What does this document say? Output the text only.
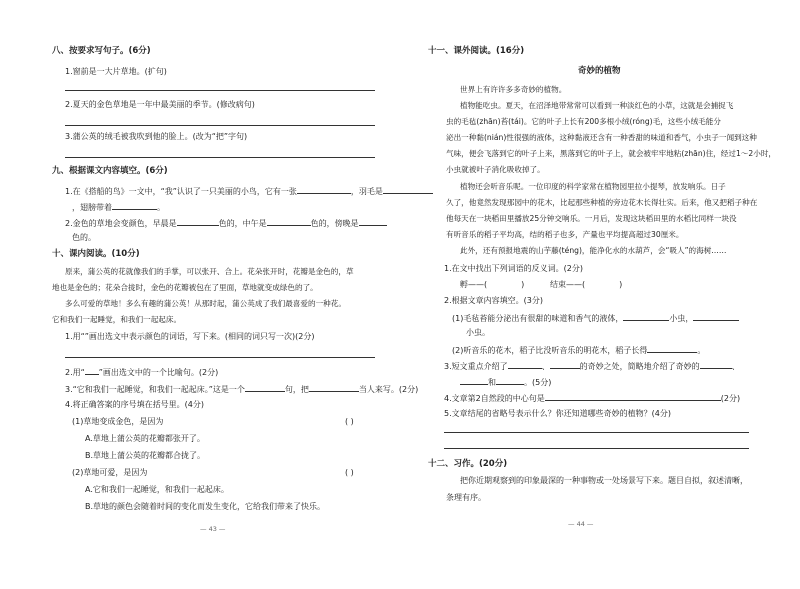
八、按要求写句子。(6分)
1.窗前是一大片草地。(扩句)
2.夏天的金色草地是一年中最美丽的季节。(修改病句)
3.蒲公英的绒毛被我吹到他的脸上。(改为“把”字句)
九、根据课文内容填空。(6分)
1.在《搭船的鸟》一文中，“我”认识了一只美丽的小鸟，它有一张	，羽毛是
，翅膀带着	。
2.金色的草地会变颜色，早晨是	色的，中午是	色的，傍晚是
色的。
十、课内阅读。(10分)
原来，蒲公英的花就像我们的手掌，可以张开、合上。花朵张开时，花瓣是金色的，草
地也是金色的；花朵合拢时，金色的花瓣被包在了里面，草地就变成绿色的了。
多么可爱的草地！多么有趣的蒲公英！从那时起，蒲公英成了我们最喜爱的一种花。
它和我们一起睡觉，和我们一起起床。
1.用“”画出选文中表示颜色的词语，写下来。(相同的词只写一次)(2分)
2.用“ ”画出选文中的一个比喻句。(2分)
3.“它和我们一起睡觉，和我们一起起床。”这是一个	句，把	当人来写。(2分)
4.将正确答案的序号填在括号里。(4分)
(1)草地变成金色，是因为	( )
A.草地上蒲公英的花瓣都张开了。
B.草地上蒲公英的花瓣都合拢了。
(2)草地可爱，是因为	( )
A.它和我们一起睡觉，和我们一起起床。
B.草地的颜色会随着时间的变化而发生变化，它给我们带来了快乐。
— 43 —
十一、课外阅读。(16分)
奇妙的植物
世界上有许许多多奇妙的植物。
植物能吃虫。夏天，在沼泽地带常常可以看到一种淡红色的小草，这就是会捕捉飞
虫的毛毡(zhān)苔(tái)。它的叶子上长有200多根小绒(róng)毛，这些小绒毛能分
泌出一种黏(nián)性很强的液体，这种黏液还含有一种香甜的味道和香气，小虫子一闻到这种
气味，便会飞落到它的叶子上来，黑落到它的叶子上，就会被牢牢地粘(zhān)住，经过1～2小时，
小虫就被叶子消化吸收掉了。
植物还会听音乐呢。一位印度的科学家常在植物园里拉小提琴，放发响乐。日子
久了，他竟然发现那园中的花木，比起那些种植的旁边花木长得壮实。后来，他又把稻子种在
他每天在一块稻田里播放25分钟交响乐。一月后，发现这块稻田里的水稻比同样一块没
有听音乐的稻子平均高，结的稻子也多，产量也平均提高超过30厘米。
此外，还有预报地震的山芋藤(téng)，能净化水的水葫芦，会“吸人”的海树……
1.在文中找出下列词语的反义词。(2分)
孵——(	)	结束——(	)
2.根据文章内容填空。(3分)
(1)毛毡苔能分泌出有很甜的味道和香气的液体，	小虫，
小虫。
(2)听音乐的花木，稻子比没听音乐的明花木，稻子长得	。
3.短文重点介绍了	、	的奇妙之处，简略地介绍了奇妙的	、
和	。(5分)
4.文章第2自然段的中心句是	(2分)
5.文章结尾的省略号表示什么？你还知道哪些奇妙的植物？(4分)
十二、习作。(20分)
把你近期观察到的印象最深的一种事物或一处场景写下来。题目自拟，叙述清晰，
条理有序。
— 44 —
